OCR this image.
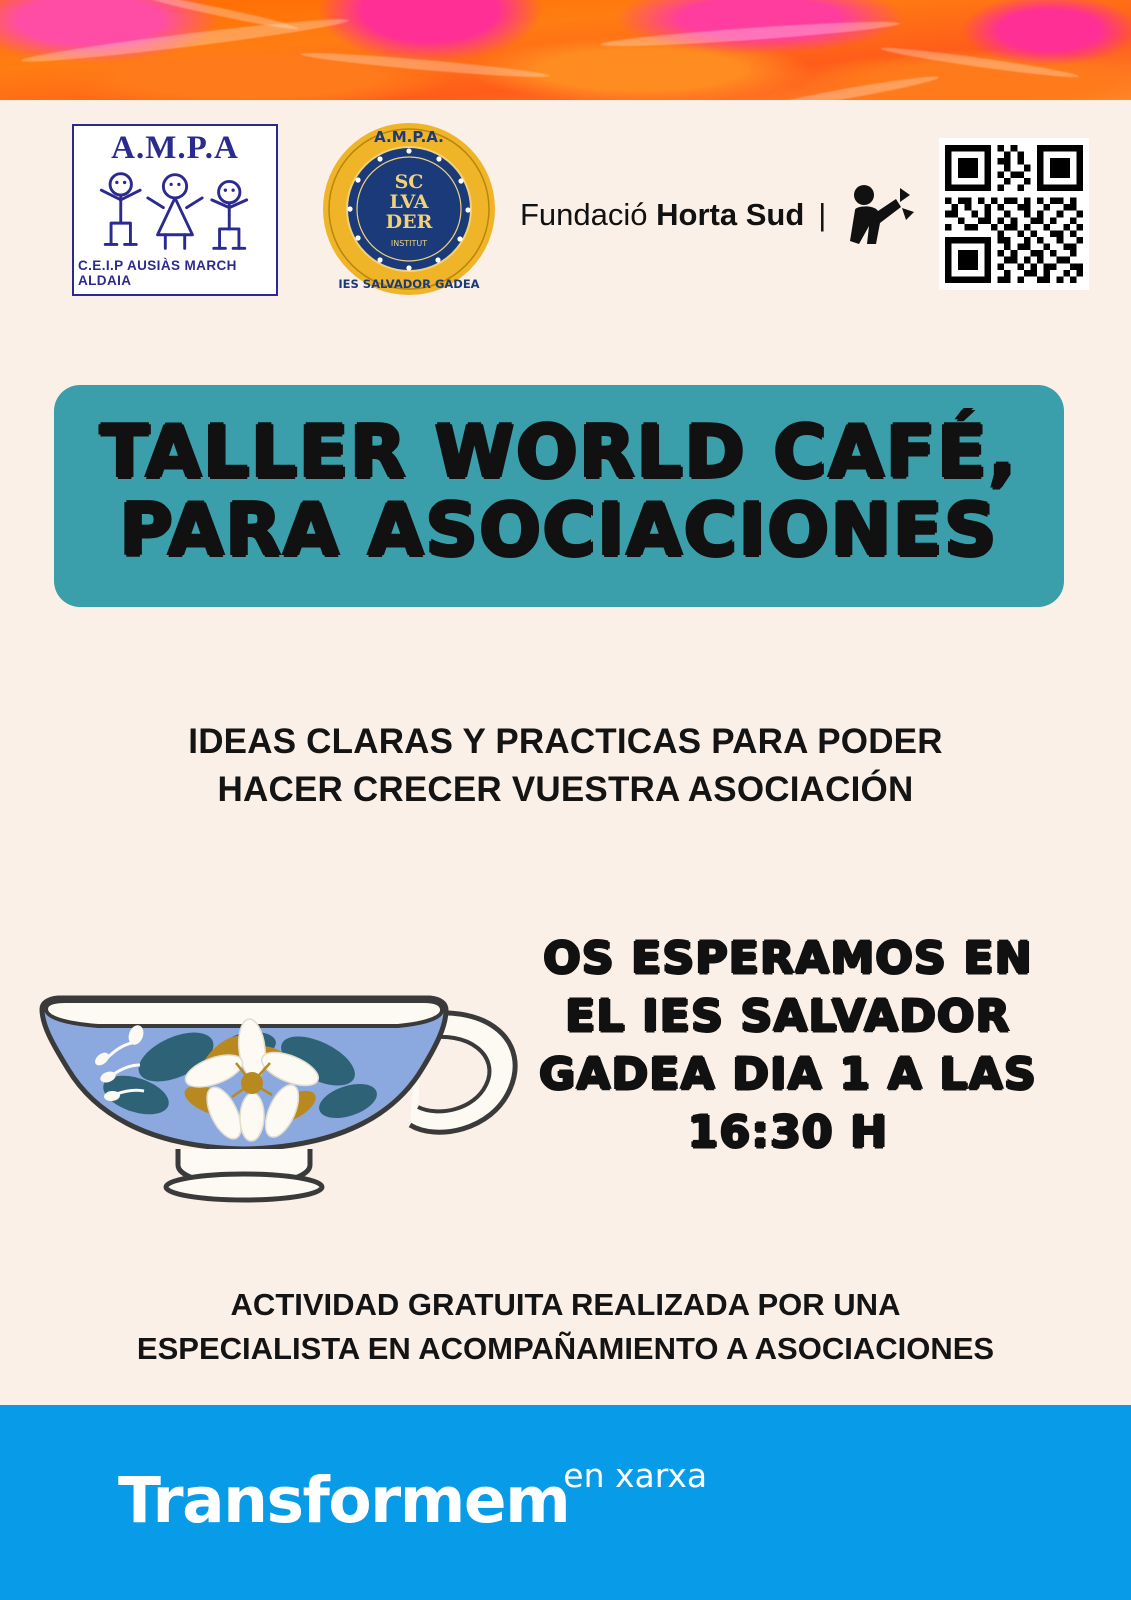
A.M.P.A
C.E.I.P AUSIÀS MARCH ALDAIA
A.M.P.A.
IES SALVADOR GADEA
SC
LVA
DER
INSTITUT
Fundació Horta Sud |
TALLER WORLD CAFÉ,
PARA ASOCIACIONES
IDEAS CLARAS Y PRACTICAS PARA PODER
HACER CRECER VUESTRA ASOCIACIÓN
OS ESPERAMOS EN
EL IES SALVADOR
GADEA DIA 1 A LAS
16:30 H
ACTIVIDAD GRATUITA REALIZADA POR UNA
ESPECIALISTA EN ACOMPAÑAMIENTO A ASOCIACIONES
Transformem
en xarxa
